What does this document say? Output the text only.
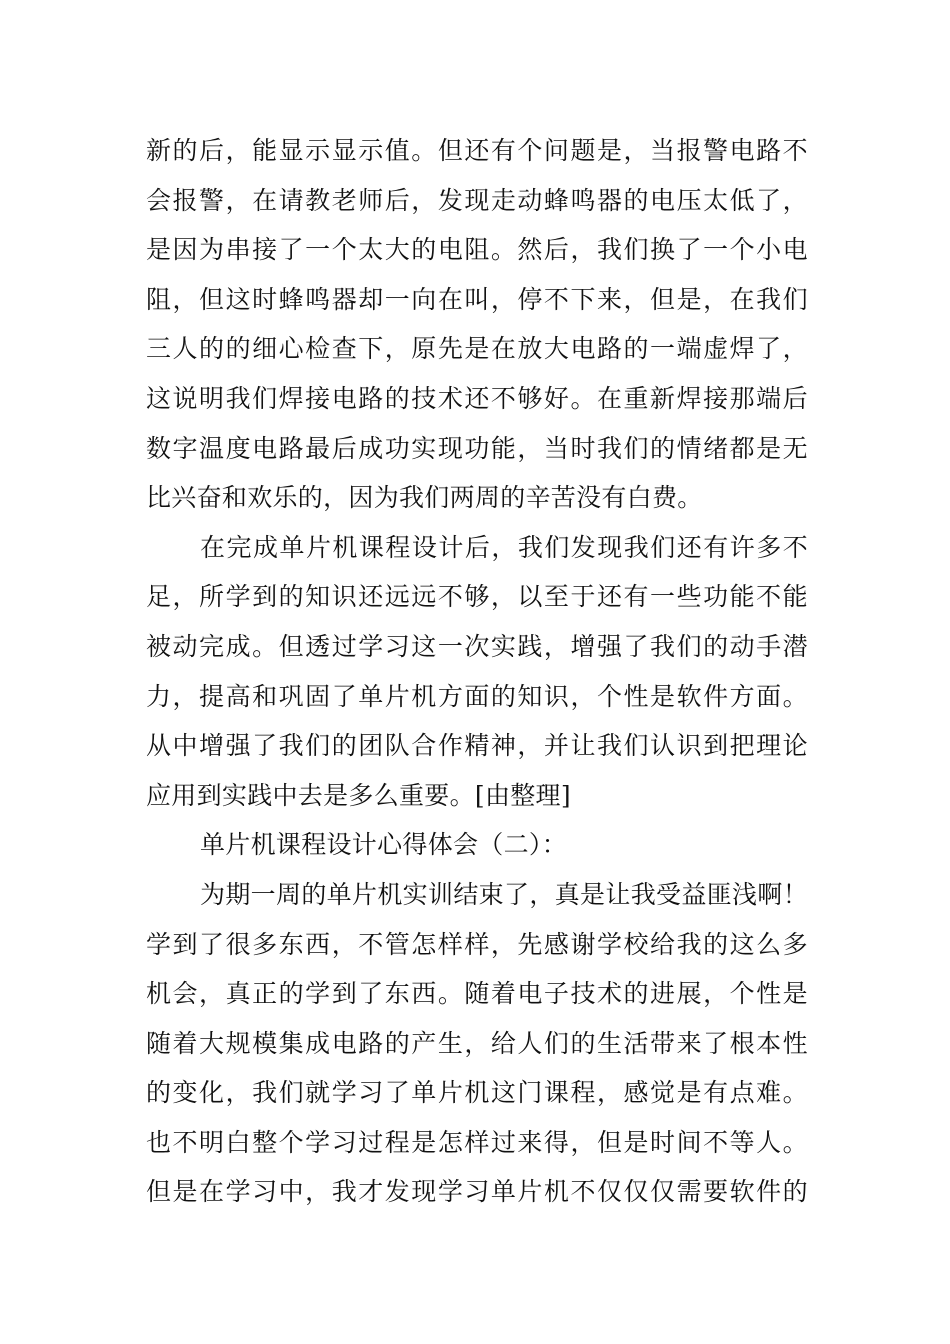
新的后，能显示显示值。但还有个问题是，当报警电路不
会报警，在请教老师后，发现走动蜂鸣器的电压太低了，
是因为串接了一个太大的电阻。然后，我们换了一个小电
阻，但这时蜂鸣器却一向在叫，停不下来，但是，在我们
三人的的细心检查下，原先是在放大电路的一端虚焊了，
这说明我们焊接电路的技术还不够好。在重新焊接那端后
数字温度电路最后成功实现功能，当时我们的情绪都是无
比兴奋和欢乐的，因为我们两周的辛苦没有白费。
在完成单片机课程设计后，我们发现我们还有许多不
足，所学到的知识还远远不够，以至于还有一些功能不能
被动完成。但透过学习这一次实践，增强了我们的动手潜
力，提高和巩固了单片机方面的知识，个性是软件方面。
从中增强了我们的团队合作精神，并让我们认识到把理论
应用到实践中去是多么重要。[由整理]
单片机课程设计心得体会（二）：
为期一周的单片机实训结束了，真是让我受益匪浅啊！
学到了很多东西，不管怎样样，先感谢学校给我的这么多
机会，真正的学到了东西。随着电子技术的进展，个性是
随着大规模集成电路的产生，给人们的生活带来了根本性
的变化，我们就学习了单片机这门课程，感觉是有点难。
也不明白整个学习过程是怎样过来得，但是时间不等人。
但是在学习中，我才发现学习单片机不仅仅仅需要软件的
